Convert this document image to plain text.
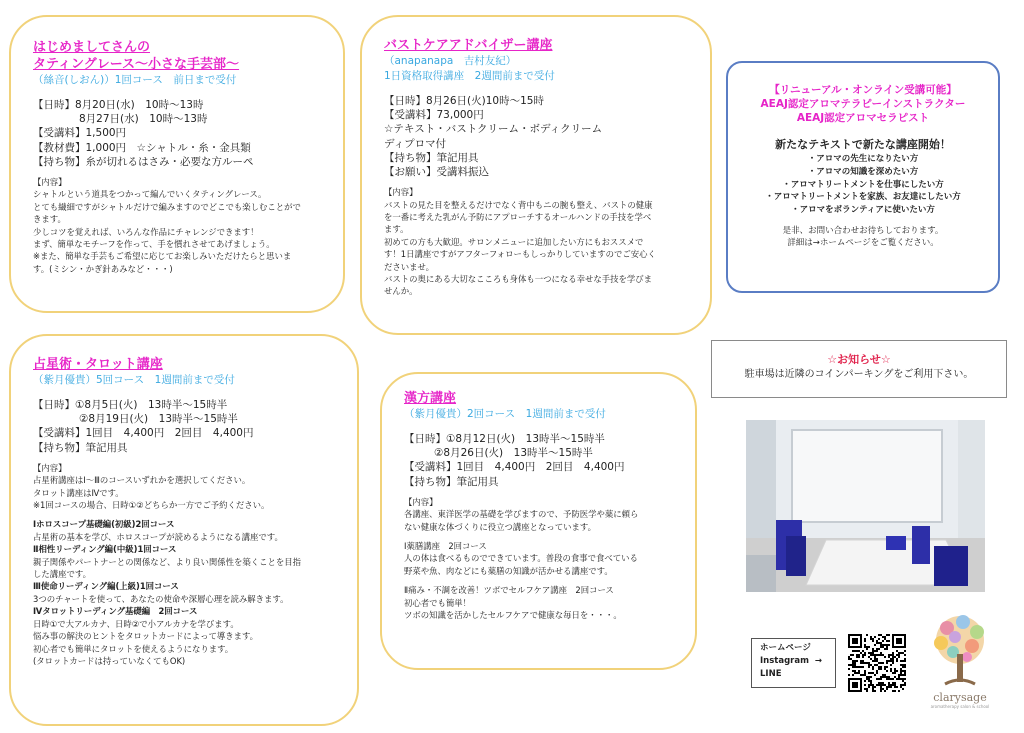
はじめましてさんの
タティングレース～小さな手芸部～
（絲音(しおん)）1回コース　前日まで受付
【日時】8月20日(水)　10時～13時
8月27日(水)　10時～13時
【受講料】1,500円
【教材費】1,000円　☆シャトル・糸・金具類
【持ち物】糸が切れるはさみ・必要な方ルーペ
【内容】
シャトルという道具をつかって編んでいくタティングレース。
とても繊細ですがシャトルだけで編みますのでどこでも楽しむことがで
きます。
少しコツを覚えれば、いろんな作品にチャレンジできます！
まず、簡単なモチーフを作って、手を慣れさせてあげましょう。
※また、簡単な手芸もご希望に応じてお楽しみいただけたらと思いま
す。(ミシン・かぎ針あみなど・・・)
バストケアアドバイザー講座
（anapanapa　吉村友紀）
1日資格取得講座　2週間前まで受付
【日時】8月26日(火)10時～15時
【受講料】73,000円
☆テキスト・バストクリーム・ボディクリーム
ディプロマ付
【持ち物】筆記用具
【お願い】受講料振込
【内容】
バストの見た目を整えるだけでなく背中もニの腕も整え、バストの健康
を一番に考えた乳がん予防にアプローチするオールハンドの手技を学べ
ます。
初めての方も大歓迎。サロンメニューに追加したい方にもおススメで
す！1日講座ですがアフターフォローもしっかりしていますのでご安心く
ださいませ。
バストの奥にある大切なこころも身体も一つになる幸せな手技を学びま
せんか。
【リニューアル・オンライン受講可能】
AEAJ認定アロマテラピーインストラクター
AEAJ認定アロマセラピスト
新たなテキストで新たな講座開始！
・アロマの先生になりたい方
・アロマの知識を深めたい方
・アロマトリートメントを仕事にしたい方
・アロマトリートメントを家族、お友達にしたい方
・アロマをボランティアに使いたい方
是非、お問い合わせお待ちしております。
詳細は→ホームページをご覧ください。
占星術・タロット講座
（紫月優貴）5回コース　1週間前まで受付
【日時】①8月5日(火)　13時半～15時半
②8月19日(火)　13時半～15時半
【受講料】1回目　4,400円　2回目　4,400円
【持ち物】筆記用具
【内容】
占星術講座はⅠ～Ⅲのコースいずれかを選択してください。
タロット講座はⅣです。
※1回コースの場合、日時①②どちらか一方でご予約ください。
Ⅰホロスコープ基礎編(初級)2回コース
占星術の基本を学び、ホロスコープが読めるようになる講座です。
Ⅱ相性リーディング編(中級)1回コース
親子関係やパートナーとの関係など、より良い関係性を築くことを目指
した講座です。
Ⅲ使命リーディング編(上級)1回コース
3つのチャートを使って、あなたの使命や深層心理を読み解きます。
Ⅳタロットリーディング基礎編　2回コース
日時①で大アルカナ、日時②で小アルカナを学びます。
悩み事の解決のヒントをタロットカードによって導きます。
初心者でも簡単にタロットを使えるようになります。
(タロットカードは持っていなくてもOK)
漢方講座
（紫月優貴）2回コース　1週間前まで受付
【日時】①8月12日(火)　13時半～15時半
②8月26日(火)　13時半～15時半
【受講料】1回目　4,400円　2回目　4,400円
【持ち物】筆記用具
【内容】
各講座、東洋医学の基礎を学びますので、予防医学や薬に頼ら
ない健康な体づくりに役立つ講座となっています。
Ⅰ薬膳講座　2回コース
人の体は食べるものでできています。普段の食事で食べている
野菜や魚、肉などにも薬膳の知識が活かせる講座です。
Ⅱ痛み・不調を改善！ツボでセルフケア講座　2回コース
初心者でも簡単！
ツボの知識を活かしたセルフケアで健康な毎日を・・・。
☆お知らせ☆
駐車場は近隣のコインパーキングをご利用下さい。
ホームページ
Instagram →
LINE
clarysage
aromatherapy salon & school
